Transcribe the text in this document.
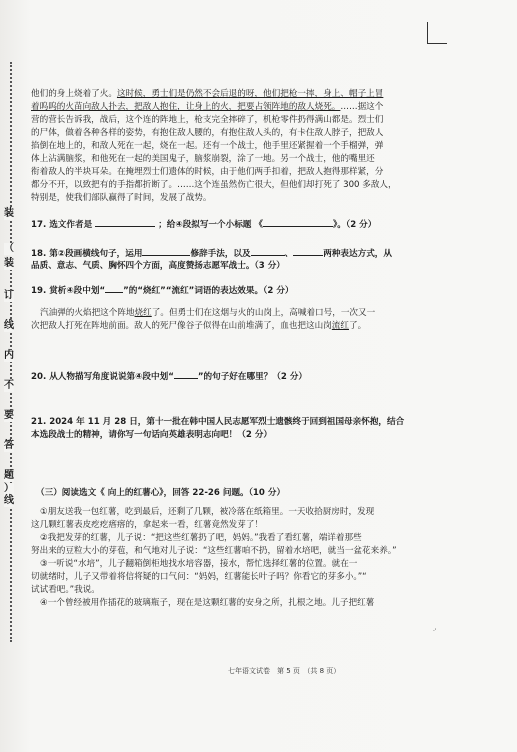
装
（
装
订
线
内
不
要
答
题
）
线
他们的身上烧着了火。这时候，勇士们是仍然不会后退的呀，他们把枪一摔，身上、帽子上冒
着呜呜的火苗向敌人扑去，把敌人抱住，让身上的火，把要占领阵地的敌人烧死。……据这个
营的营长告诉我，战后，这个连的阵地上，枪支完全摔碎了，机枪零件扔得满山都是。烈士们
的尸体，做着各种各样的姿势，有抱住敌人腰的，有抱住敌人头的，有卡住敌人脖子，把敌人
掐倒在地上的，和敌人死在一起，烧在一起。还有一个战士，他手里还紧握着一个手榴弹，弹
体上沾满脑浆，和他死在一起的美国鬼子，脑浆崩裂，涂了一地。另一个战士，他的嘴里还
衔着敌人的半块耳朵。在掩埋烈士们遗体的时候，由于他们两手扣着，把敌人抱得那样紧，分
都分不开，以致把有的手指都折断了。……这个连虽然伤亡很大，但他们却打死了 300 多敌人，
特别是，使我们部队赢得了时间，发展了战势。
17. 选文作者是	；给④段拟写一个小标题 《	》。（2 分）
18. 第②段画横线句子，运用	修辞手法，以及	、	两种表达方式，从
品质、意志、气质、胸怀四个方面，高度赞扬志愿军战士。（3 分）
19. 赏析④段中划“ ”的“烧红”“流红”词语的表达效果。（2 分）
汽油弹的火焰把这个阵地烧红了。但勇士们在这烟与火的山岗上，高喊着口号，一次又一
次把敌人打死在阵地前面。敌人的死尸像谷子似得在山前堆满了，血也把这山岗流红了。
20. 从人物描写角度说说第④段中划“	”的句子好在哪里？（2 分）
21. 2024 年 11 月 28 日，第十一批在韩中国人民志愿军烈士遗骸终于回到祖国母亲怀抱，结合
本选段战士的精神，请你写一句话向英雄表明志向吧！（2 分）
（三）阅读选文《 向上的红薯心》，回答 22-26 问题。（10 分）
①朋友送我一包红薯，吃到最后，还剩了几颗，被冷落在纸箱里。一天收拾厨房时，发现
这几颗红薯表皮疙疙瘩瘩的，拿起来一看，红薯竟然发芽了！
②我把发芽的红薯，儿子说：“把这些红薯扔了吧，妈妈。”我看了看红薯，端详着那些
努出来的豆粒大小的芽苞，和气地对儿子说：“这些红薯咱不扔，留着水培吧，就当一盆花来养。”
③一听说“水培”，儿子翻箱倒柜地找水培容器，接水，帮忙选择红薯的位置。就在一
切就绪时，儿子又带着将信将疑的口气问：“妈妈，红薯能长叶子吗？你看它的芽多小。”“
试试看吧。”我说。
④一个曾经被用作插花的玻璃瓶子，现在是这颗红薯的安身之所，扎根之地。儿子把红薯
七年语文试卷　第 5 页　（共 8 页）
·ˈ
